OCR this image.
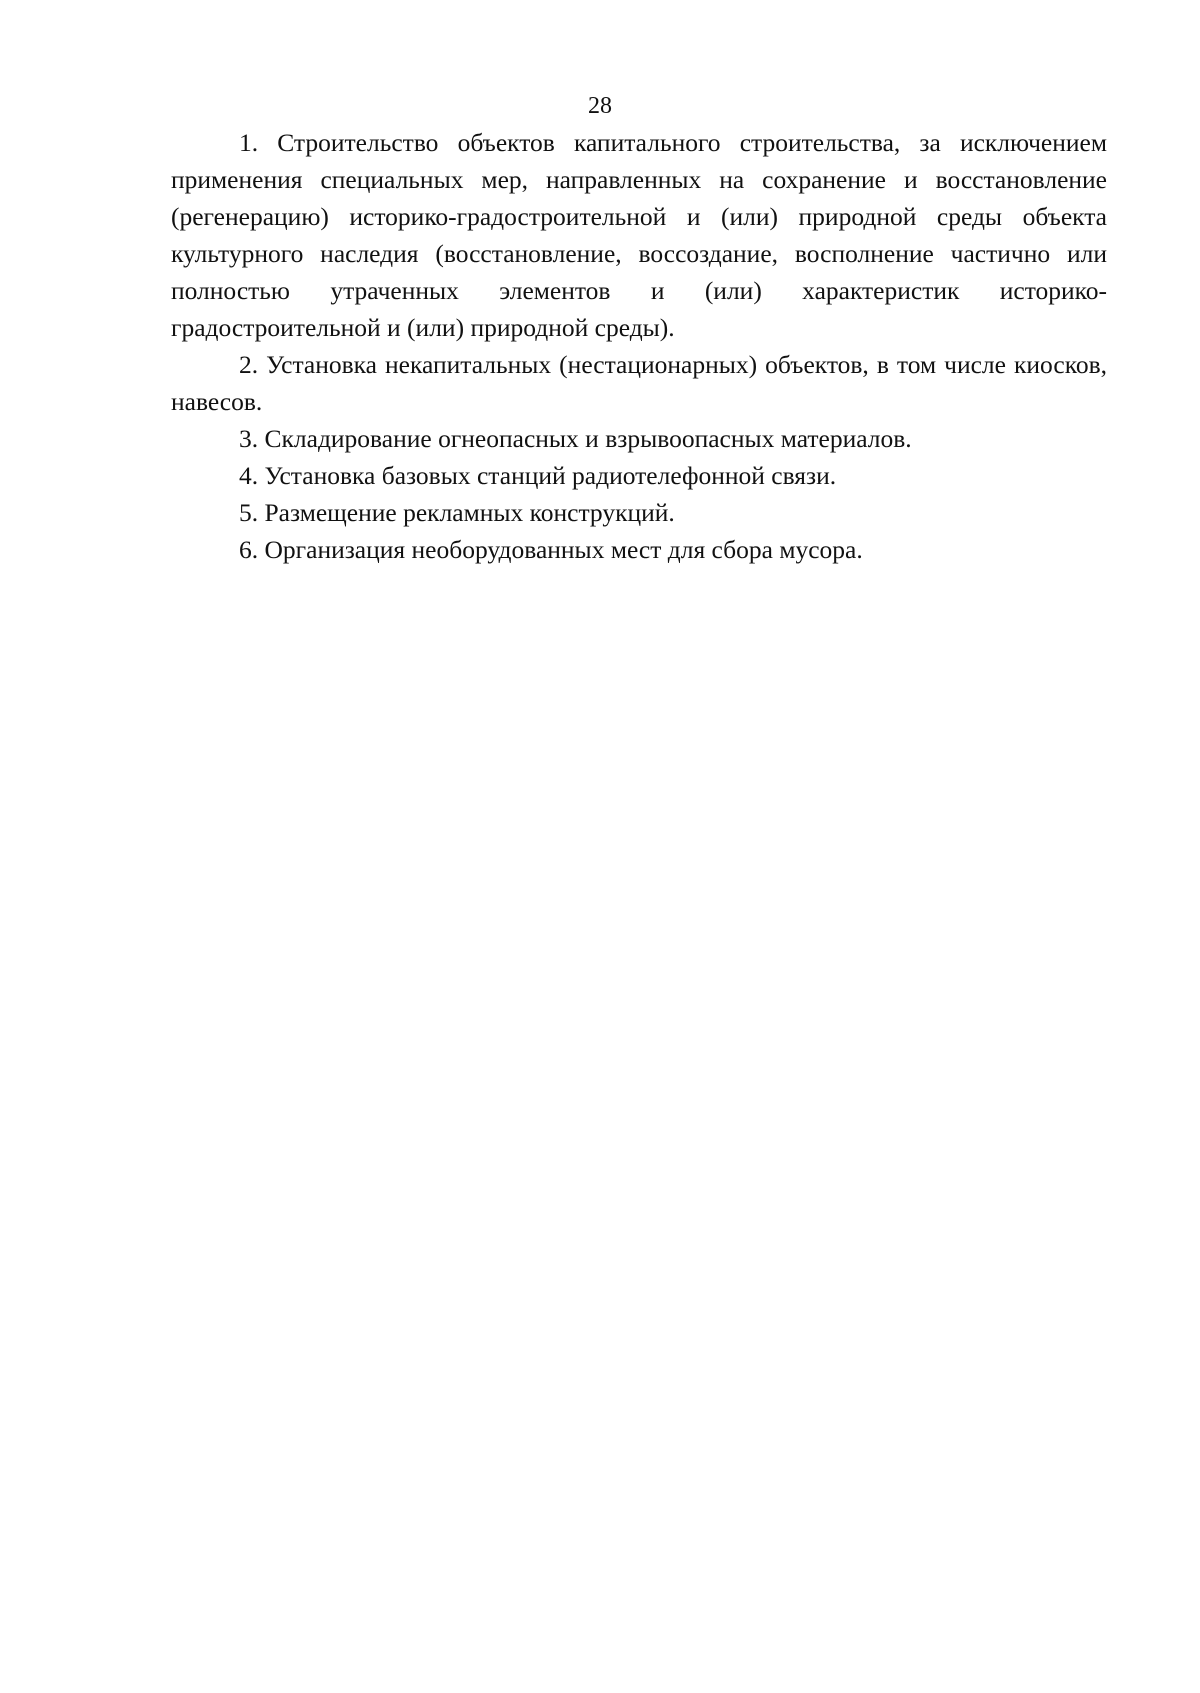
28

1. Строительство объектов капитального строительства, за исключением применения специальных мер, направленных на сохранение и восстановление (регенерацию) историко-градостроительной и (или) природной среды объекта культурного наследия (восстановление, воссоздание, восполнение частично или полностью утраченных элементов и (или) характеристик историко-градостроительной и (или) природной среды).

2. Установка некапитальных (нестационарных) объектов, в том числе киосков, навесов.

3. Складирование огнеопасных и взрывоопасных материалов.

4. Установка базовых станций радиотелефонной связи.

5. Размещение рекламных конструкций.

6. Организация необорудованных мест для сбора мусора.
